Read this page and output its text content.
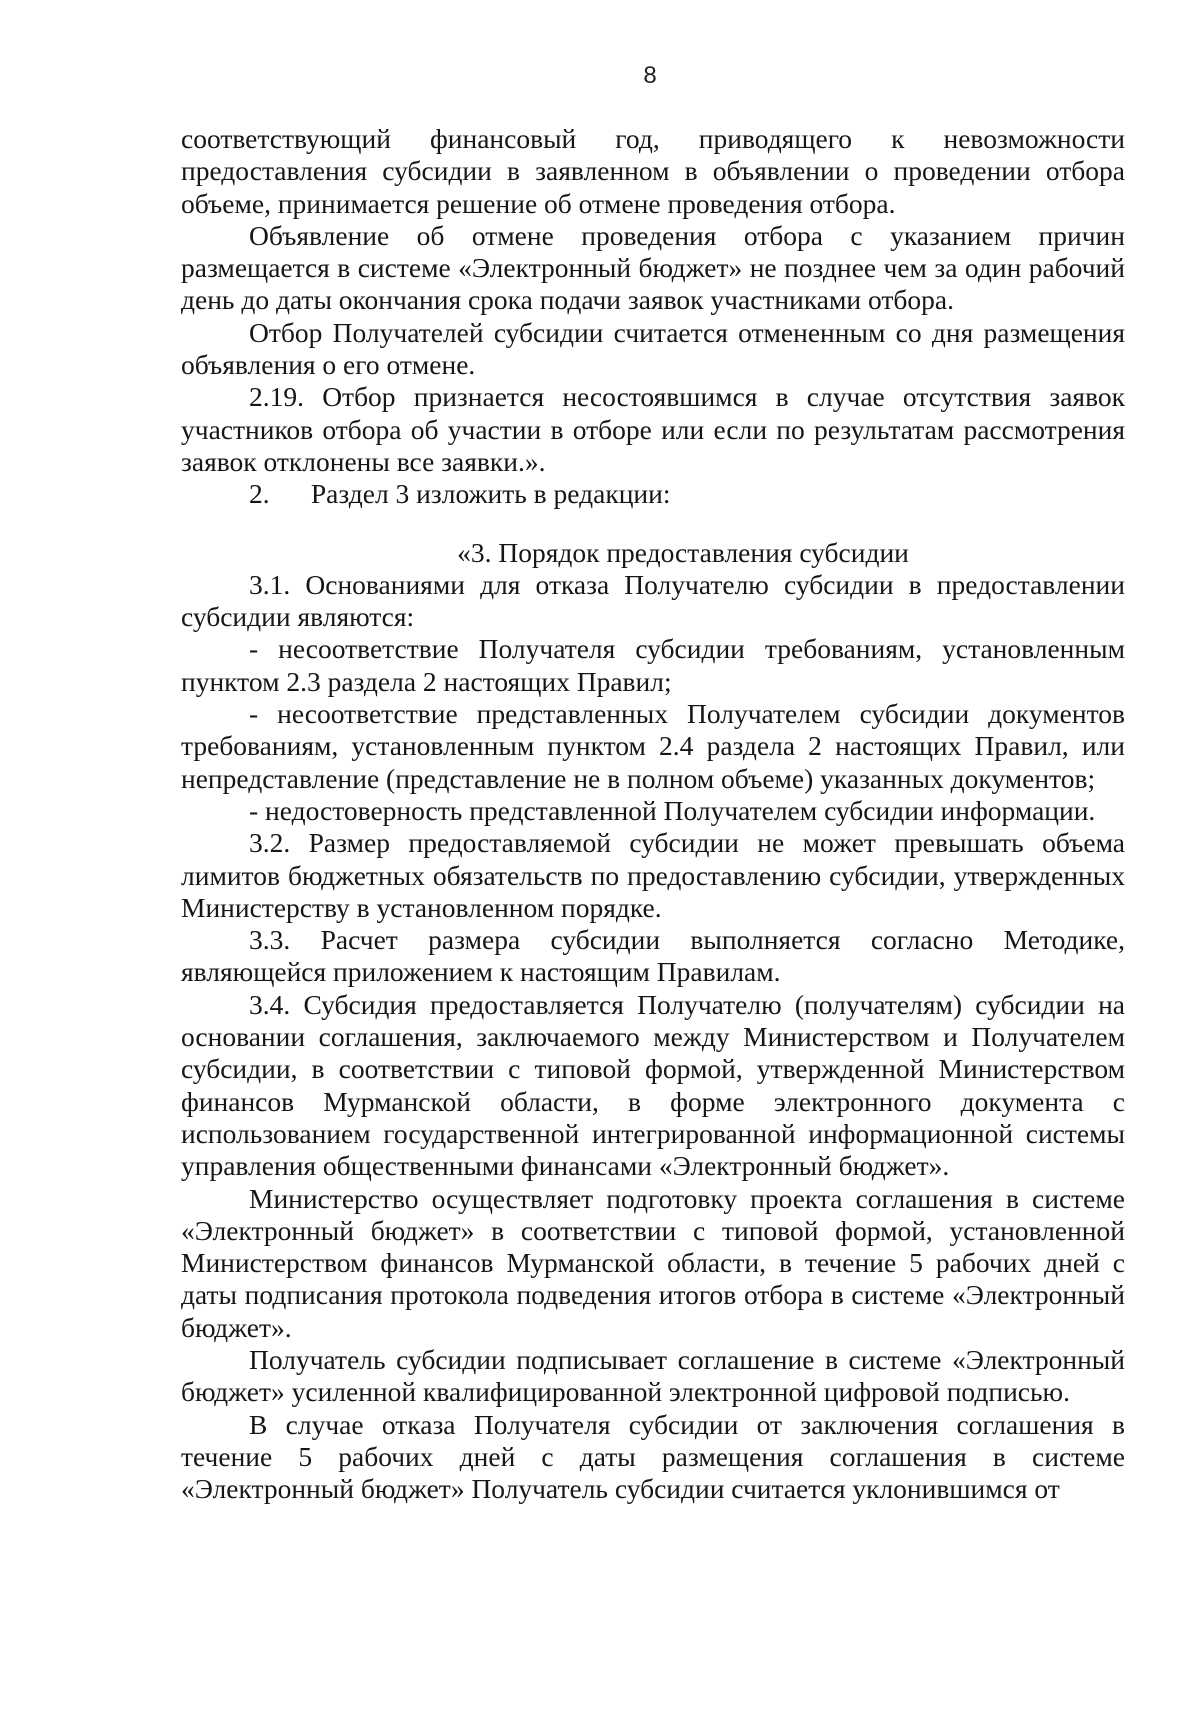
8

соответствующий финансовый год, приводящего к невозможности предоставления субсидии в заявленном в объявлении о проведении отбора объеме, принимается решение об отмене проведения отбора.

Объявление об отмене проведения отбора с указанием причин размещается в системе «Электронный бюджет» не позднее чем за один рабочий день до даты окончания срока подачи заявок участниками отбора.

Отбор Получателей субсидии считается отмененным со дня размещения объявления о его отмене.

2.19. Отбор признается несостоявшимся в случае отсутствия заявок участников отбора об участии в отборе или если по результатам рассмотрения заявок отклонены все заявки.».

2. Раздел 3 изложить в редакции:

«3. Порядок предоставления субсидии

3.1. Основаниями для отказа Получателю субсидии в предоставлении субсидии являются:

- несоответствие Получателя субсидии требованиям, установленным пунктом 2.3 раздела 2 настоящих Правил;

- несоответствие представленных Получателем субсидии документов требованиям, установленным пунктом 2.4 раздела 2 настоящих Правил, или непредставление (представление не в полном объеме) указанных документов;

- недостоверность представленной Получателем субсидии информации.

3.2. Размер предоставляемой субсидии не может превышать объема лимитов бюджетных обязательств по предоставлению субсидии, утвержденных Министерству в установленном порядке.

3.3. Расчет размера субсидии выполняется согласно Методике, являющейся приложением к настоящим Правилам.

3.4. Субсидия предоставляется Получателю (получателям) субсидии на основании соглашения, заключаемого между Министерством и Получателем субсидии, в соответствии с типовой формой, утвержденной Министерством финансов Мурманской области, в форме электронного документа с использованием государственной интегрированной информационной системы управления общественными финансами «Электронный бюджет».

Министерство осуществляет подготовку проекта соглашения в системе «Электронный бюджет» в соответствии с типовой формой, установленной Министерством финансов Мурманской области, в течение 5 рабочих дней с даты подписания протокола подведения итогов отбора в системе «Электронный бюджет».

Получатель субсидии подписывает соглашение в системе «Электронный бюджет» усиленной квалифицированной электронной цифровой подписью.

В случае отказа Получателя субсидии от заключения соглашения в течение 5 рабочих дней с даты размещения соглашения в системе «Электронный бюджет» Получатель субсидии считается уклонившимся от
